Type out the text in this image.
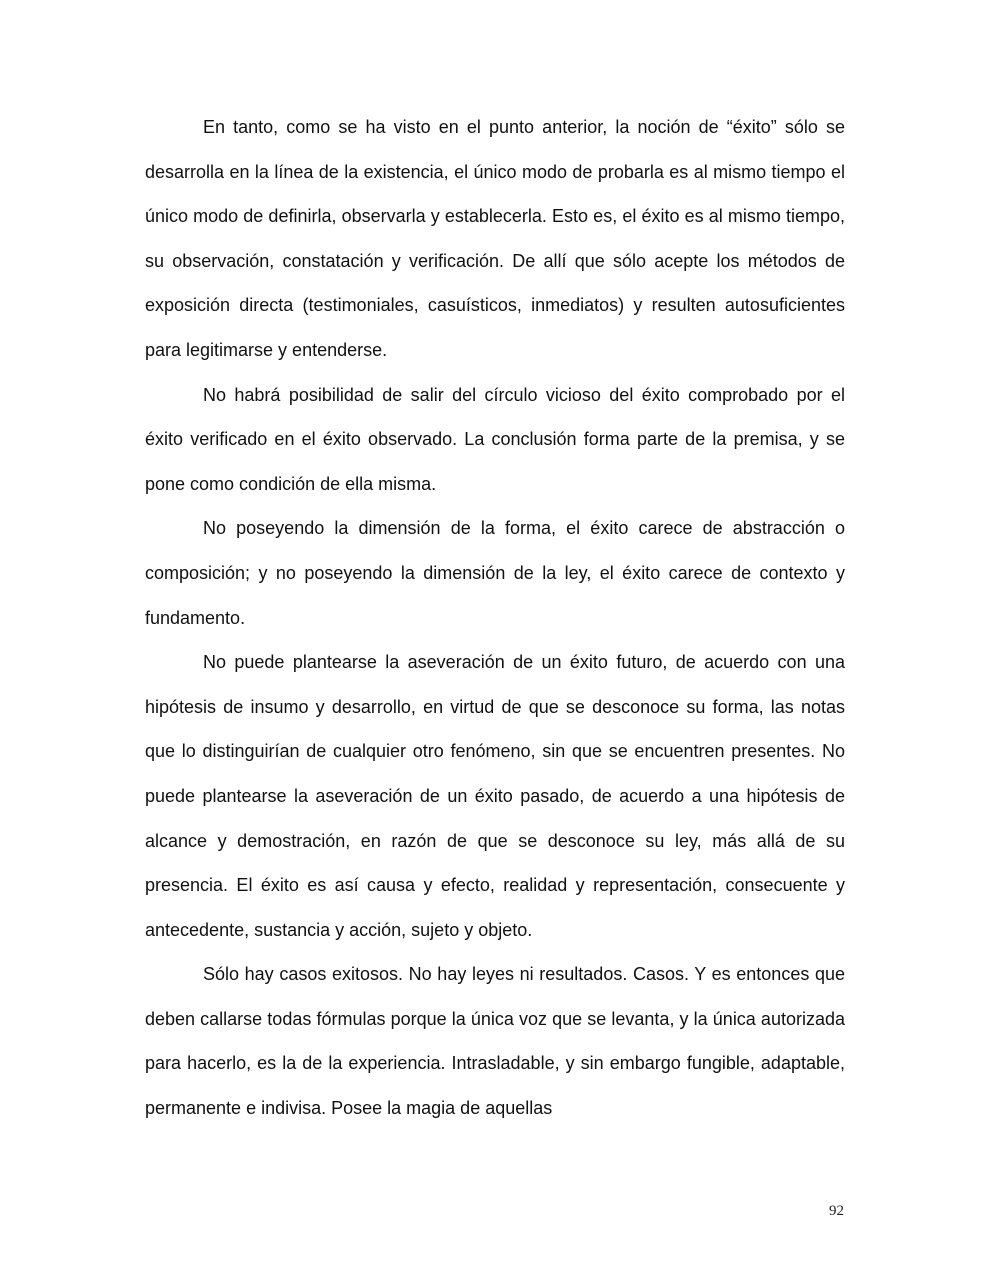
En tanto, como se ha visto en el punto anterior, la noción de “éxito” sólo se desarrolla en la línea de la existencia, el único modo de probarla es al mismo tiempo el único modo de definirla, observarla y establecerla. Esto es, el éxito es al mismo tiempo, su observación, constatación y verificación. De allí que sólo acepte los métodos de exposición directa (testimoniales, casuísticos, inmediatos) y resulten autosuficientes para legitimarse y entenderse.

No habrá posibilidad de salir del círculo vicioso del éxito comprobado por el éxito verificado en el éxito observado. La conclusión forma parte de la premisa, y se pone como condición de ella misma.

No poseyendo la dimensión de la forma, el éxito carece de abstracción o composición; y no poseyendo la dimensión de la ley, el éxito carece de contexto y fundamento.

No puede plantearse la aseveración de un éxito futuro, de acuerdo con una hipótesis de insumo y desarrollo, en virtud de que se desconoce su forma, las notas que lo distinguirían de cualquier otro fenómeno, sin que se encuentren presentes. No puede plantearse la aseveración de un éxito pasado, de acuerdo a una hipótesis de alcance y demostración, en razón de que se desconoce su ley, más allá de su presencia. El éxito es así causa y efecto, realidad y representación, consecuente y antecedente, sustancia y acción, sujeto y objeto.

Sólo hay casos exitosos. No hay leyes ni resultados. Casos. Y es entonces que deben callarse todas fórmulas porque la única voz que se levanta, y la única autorizada para hacerlo, es la de la experiencia. Intrasladable, y sin embargo fungible, adaptable, permanente e indivisa. Posee la magia de aquellas

92
